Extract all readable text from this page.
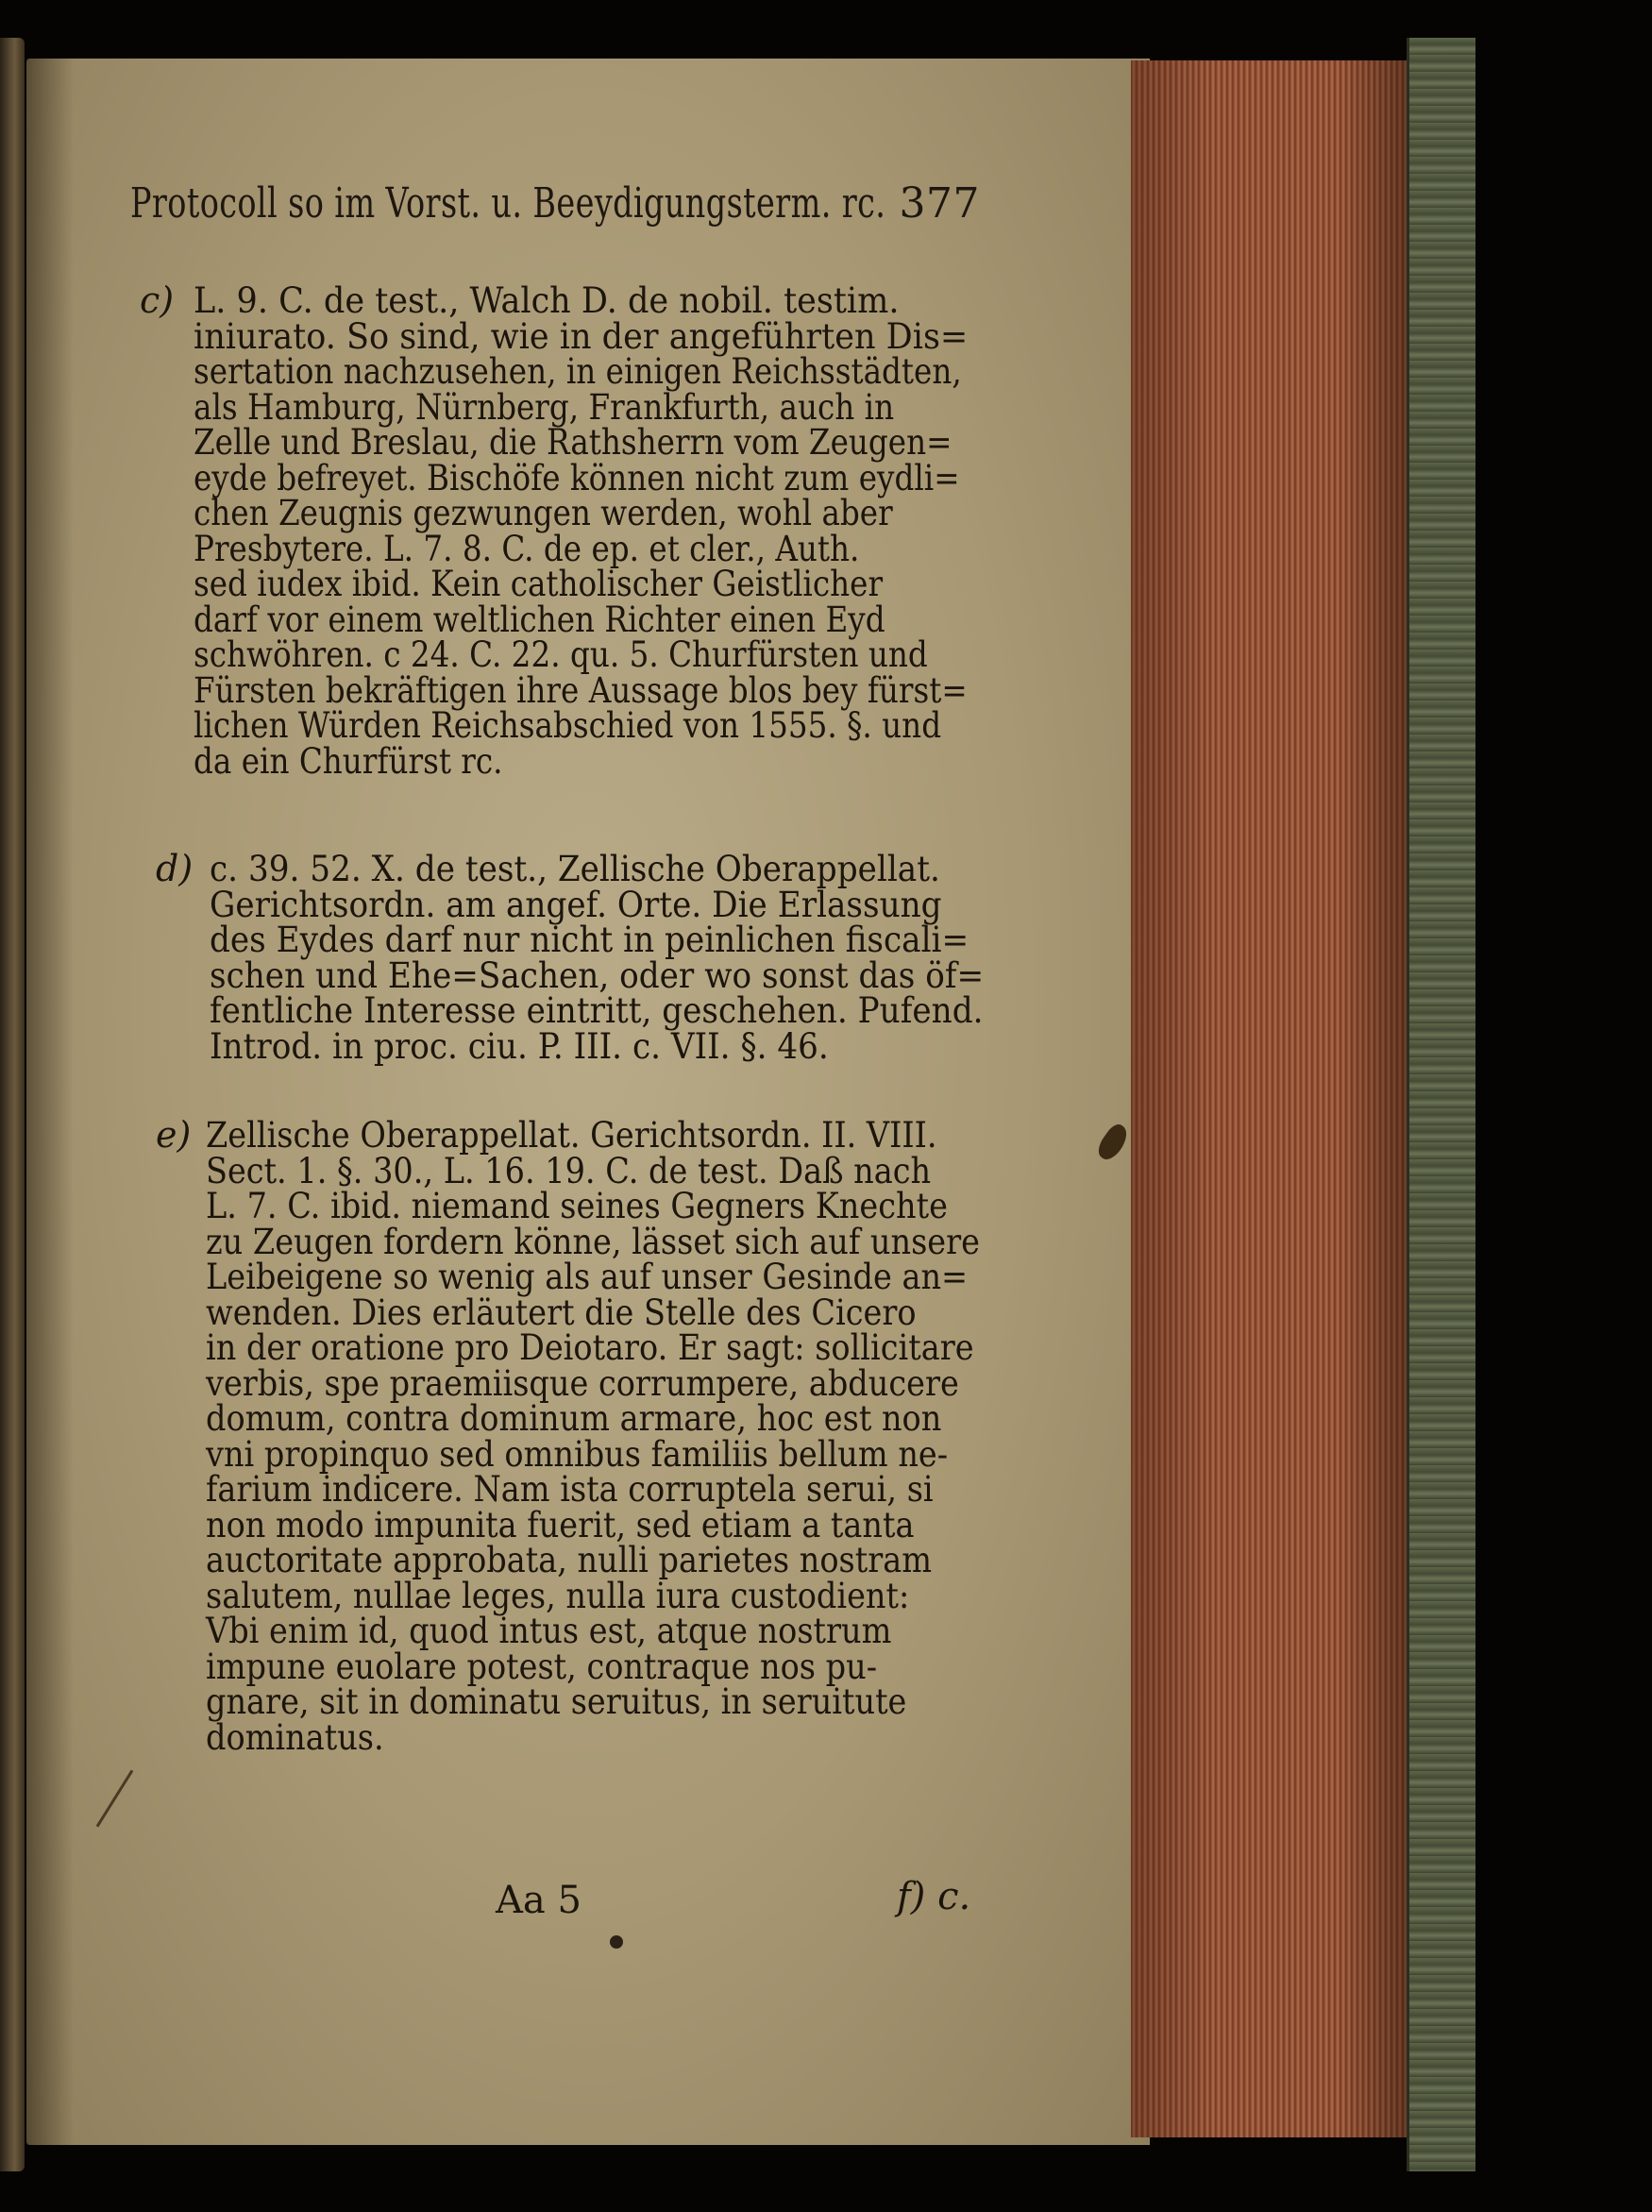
Protocoll so im Vorst. u. Beeydigungsterm. rc. 377
c) L. 9. C. de test., Walch D. de nobil. testim.
iniurato. So sind, wie in der angeführten Dis=
sertation nachzusehen, in einigen Reichsstädten,
als Hamburg, Nürnberg, Frankfurth, auch in
Zelle und Breslau, die Rathsherrn vom Zeugen=
eyde befreyet. Bischöfe können nicht zum eydli=
chen Zeugnis gezwungen werden, wohl aber
Presbytere. L. 7. 8. C. de ep. et cler., Auth.
sed iudex ibid. Kein catholischer Geistlicher
darf vor einem weltlichen Richter einen Eyd
schwöhren. c 24. C. 22. qu. 5. Churfürsten und
Fürsten bekräftigen ihre Aussage blos bey fürst=
lichen Würden Reichsabschied von 1555. §. und
da ein Churfürst rc.
d) c. 39. 52. X. de test., Zellische Oberappellat.
Gerichtsordn. am angef. Orte. Die Erlassung
des Eydes darf nur nicht in peinlichen fiscali=
schen und Ehe=Sachen, oder wo sonst das öf=
fentliche Interesse eintritt, geschehen. Pufend.
Introd. in proc. ciu. P. III. c. VII. §. 46.
e) Zellische Oberappellat. Gerichtsordn. II. VIII.
Sect. 1. §. 30., L. 16. 19. C. de test. Daß nach
L. 7. C. ibid. niemand seines Gegners Knechte
zu Zeugen fordern könne, lässet sich auf unsere
Leibeigene so wenig als auf unser Gesinde an=
wenden. Dies erläutert die Stelle des Cicero
in der oratione pro Deiotaro. Er sagt: sollicitare
verbis, spe praemiisque corrumpere, abducere
domum, contra dominum armare, hoc est non
vni propinquo sed omnibus familiis bellum ne-
farium indicere. Nam ista corruptela serui, si
non modo impunita fuerit, sed etiam a tanta
auctoritate approbata, nulli parietes nostram
salutem, nullae leges, nulla iura custodient:
Vbi enim id, quod intus est, atque nostrum
impune euolare potest, contraque nos pu-
gnare, sit in dominatu seruitus, in seruitute
dominatus.
Aa 5	f) c.
